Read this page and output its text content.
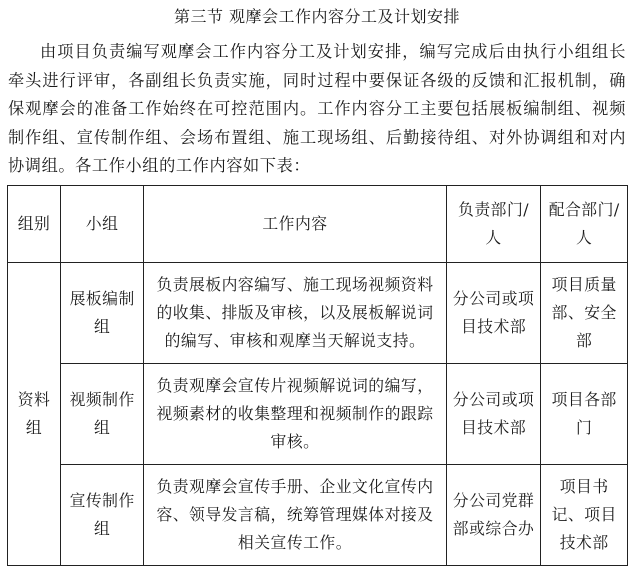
第三节 观摩会工作内容分工及计划安排

由项目负责编写观摩会工作内容分工及计划安排，编写完成后由执行小组组长牵头进行评审，各副组长负责实施，同时过程中要保证各级的反馈和汇报机制，确保观摩会的准备工作始终在可控范围内。工作内容分工主要包括展板编制组、视频制作组、宣传制作组、会场布置组、施工现场组、后勤接待组、对外协调组和对内协调组。各工作小组的工作内容如下表：

组别	小组	工作内容	负责部门/人	配合部门/人
资料组	展板编制组	负责展板内容编写、施工现场视频资料的收集、排版及审核，以及展板解说词的编写、审核和观摩当天解说支持。	分公司或项目技术部	项目质量部、安全部
	视频制作组	负责观摩会宣传片视频解说词的编写，视频素材的收集整理和视频制作的跟踪审核。	分公司或项目技术部	项目各部门
	宣传制作组	负责观摩会宣传手册、企业文化宣传内容、领导发言稿，统筹管理媒体对接及相关宣传工作。	分公司党群部或综合办	项目书记、项目技术部
